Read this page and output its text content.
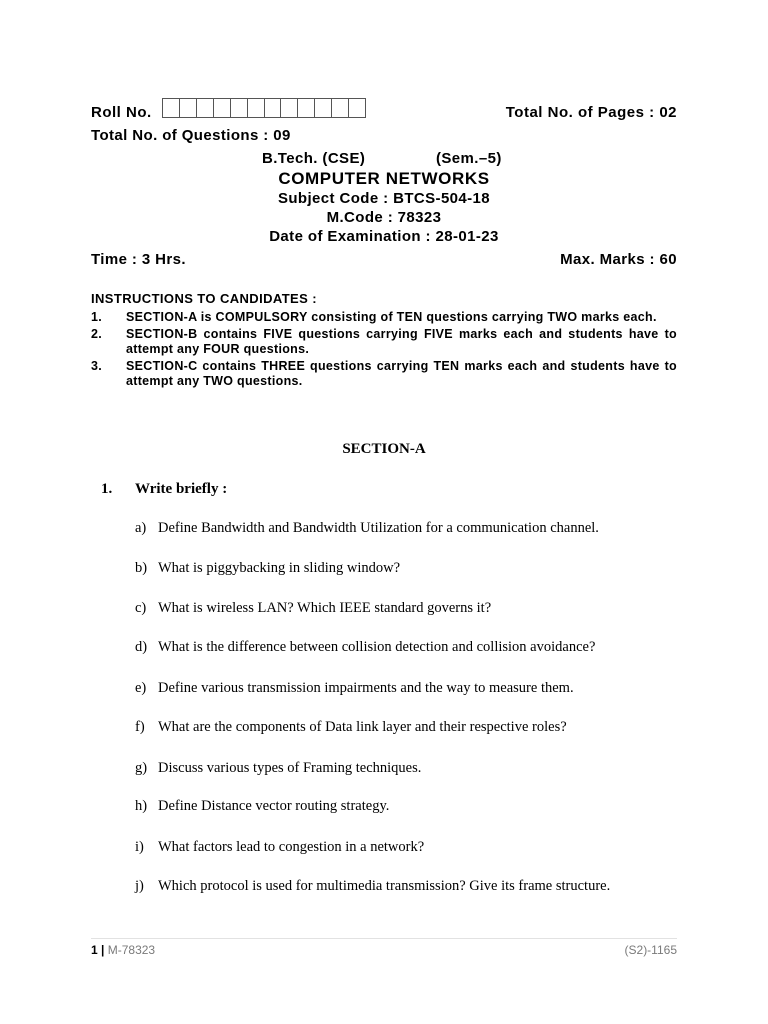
Roll No.	Total No. of Pages : 02
Total No. of Questions : 09
B.Tech. (CSE)	(Sem.–5)
COMPUTER NETWORKS
Subject Code : BTCS-504-18
M.Code : 78323
Date of Examination : 28-01-23
Time : 3 Hrs.	Max. Marks : 60
INSTRUCTIONS TO CANDIDATES :
1.	SECTION-A is COMPULSORY consisting of TEN questions carrying TWO marks each.
2.	SECTION-B contains FIVE questions carrying FIVE marks each and students have to attempt any FOUR questions.
3.	SECTION-C contains THREE questions carrying TEN marks each and students have to attempt any TWO questions.
SECTION-A
1. Write briefly :
a) Define Bandwidth and Bandwidth Utilization for a communication channel.
b) What is piggybacking in sliding window?
c) What is wireless LAN? Which IEEE standard governs it?
d) What is the difference between collision detection and collision avoidance?
e) Define various transmission impairments and the way to measure them.
f) What are the components of Data link layer and their respective roles?
g) Discuss various types of Framing techniques.
h) Define Distance vector routing strategy.
i) What factors lead to congestion in a network?
j) Which protocol is used for multimedia transmission? Give its frame structure.
1 | M-78323	(S2)-1165
